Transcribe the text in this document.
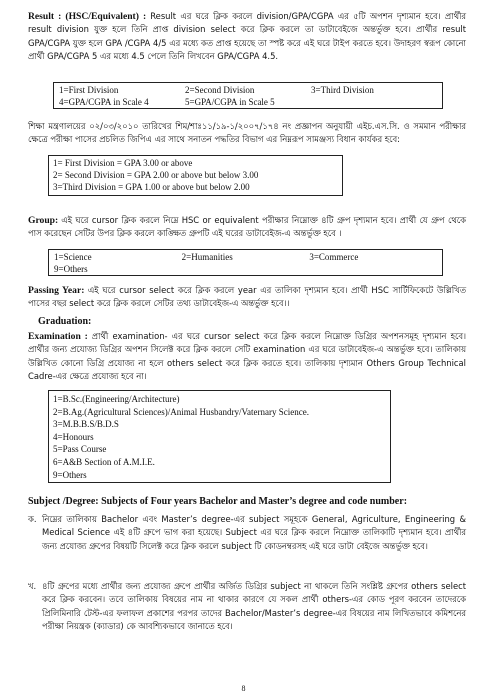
Result : (HSC/Equivalent) : Result এর ঘরে ক্লিক করলে division/GPA/CGPA এর ৫টি অপশন দৃশ্যমান হবে। প্রার্থীর result division যুক্ত হলে তিনি প্রাপ্ত division select করে ক্লিক করলে তা ডাটাবেইজে অন্তর্ভুক্ত হবে। প্রার্থীর result GPA/CGPA যুক্ত হলে GPA /CGPA 4/5 এর মধ্যে কত প্রাপ্ত হয়েছে তা স্পষ্ট করে এই ঘরে টাইপ করতে হবে। উদাহরণ স্বরূপ কোনো প্রার্থী GPA/CGPA 5 এর মধ্যে 4.5 পেলে তিনি লিখবেন GPA/CGPA 4.5.
1=First Division	2=Second Division	3=Third Division
4=GPA/CGPA in Scale 4	5=GPA/CGPA in Scale 5
শিক্ষা মন্ত্রণালয়ের ০২/০৩/২০১০ তারিখের শিম/শাঃ১১/১৯-১/২০০৭/১৭৪ নং প্রজ্ঞাপন অনুযায়ী এইচ.এস.সি. ও সমমান পরীক্ষার ক্ষেত্রে পরীক্ষা পাসের প্রচলিত জিপিএ এর সাথে সনাতন পদ্ধতির বিভাগ এর নিম্নরূপ সামঞ্জস্য বিধান কার্যকর হবে:
1= First Division = GPA 3.00 or above
2= Second Division = GPA 2.00 or above but below 3.00
3=Third Division = GPA 1.00 or above but below 2.00
Group: এই ঘরে cursor ক্লিক করলে নিম্নে HSC or equivalent পরীক্ষার নিম্নোক্ত ৪টি গ্রুপ দৃশ্যমান হবে। প্রার্থী যে গ্রুপ থেকে পাস করেছেন সেটির উপর ক্লিক করলে কাঙ্ক্ষিত গ্রুপটি এই ঘরের ডাটাবেইজ-এ অন্তর্ভুক্ত হবে ।
1=Science	2=Humanities	3=Commerce
9=Others
Passing Year: এই ঘরে cursor select করে ক্লিক করলে year এর তালিকা দৃশ্যমান হবে। প্রার্থী HSC সার্টিফিকেটে উল্লিখিত পাসের বছর select করে ক্লিক করলে সেটির তথ্য ডাটাবেইজ-এ অন্তর্ভুক্ত হবে।।
Graduation:
Examination : প্রার্থী examination- এর ঘরে cursor select করে ক্লিক করলে নিম্নোক্ত ডিগ্রির অপশনসমূহ দৃশ্যমান হবে। প্রার্থীর জন্য প্রযোজ্য ডিগ্রির অপশন সিলেক্ট করে ক্লিক করলে সেটি examination এর ঘরে ডাটাবেইজ-এ অন্তর্ভুক্ত হবে। তালিকায় উল্লিখিত কোনো ডিগ্রি প্রযোজ্য না হলে others select করে ক্লিক করতে হবে। তালিকায় দৃশ্যমান Others Group Technical Cadre-এর ক্ষেত্রে প্রযোজ্য হবে না।
1=B.Sc.(Engineering/Architecture)
2=B.Ag.(Agricultural Sciences)/Animal Husbandry/Vaternary Science.
3=M.B.B.S/B.D.S
4=Honours
5=Pass Course
6=A&B Section of A.M.I.E.
9=Others
Subject /Degree: Subjects of Four years Bachelor and Master’s degree and code number:
ক. নিম্নের তালিকায় Bachelor এবং Master’s degree-এর subject সমূহকে General, Agriculture, Engineering & Medical Science এই ৪টি গ্রুপে ভাগ করা হয়েছে। Subject এর ঘরে ক্লিক করলে নিম্নোক্ত তালিকাটি দৃশ্যমান হবে। প্রার্থীর জন্য প্রযোজ্য গ্রুপের বিষয়টি সিলেক্ট করে ক্লিক করলে subject টি কোডনম্বরসহ এই ঘরে ডাটা বেইজে অন্তর্ভুক্ত হবে।
খ. ৪টি গ্রুপের মধ্যে প্রার্থীর জন্য প্রযোজ্য গ্রুপে প্রার্থীর অর্জিত ডিগ্রির subject না থাকলে তিনি সংশ্লিষ্ট গ্রুপের others select করে ক্লিক করবেন। তবে তালিকায় বিষয়ের নাম না থাকার কারণে যে সকল প্রার্থী others-এর কোড পূরণ করবেন তাদেরকে প্রিলিমিনারি টেস্ট-এর ফলাফল প্রকাশের পরপর তাদের Bachelor/Master’s degree-এর বিষয়ের নাম লিখিতভাবে কমিশনের পরীক্ষা নিয়ন্ত্রক (ক্যাডার) কে আবশ্যিকভাবে জানাতে হবে।
8
